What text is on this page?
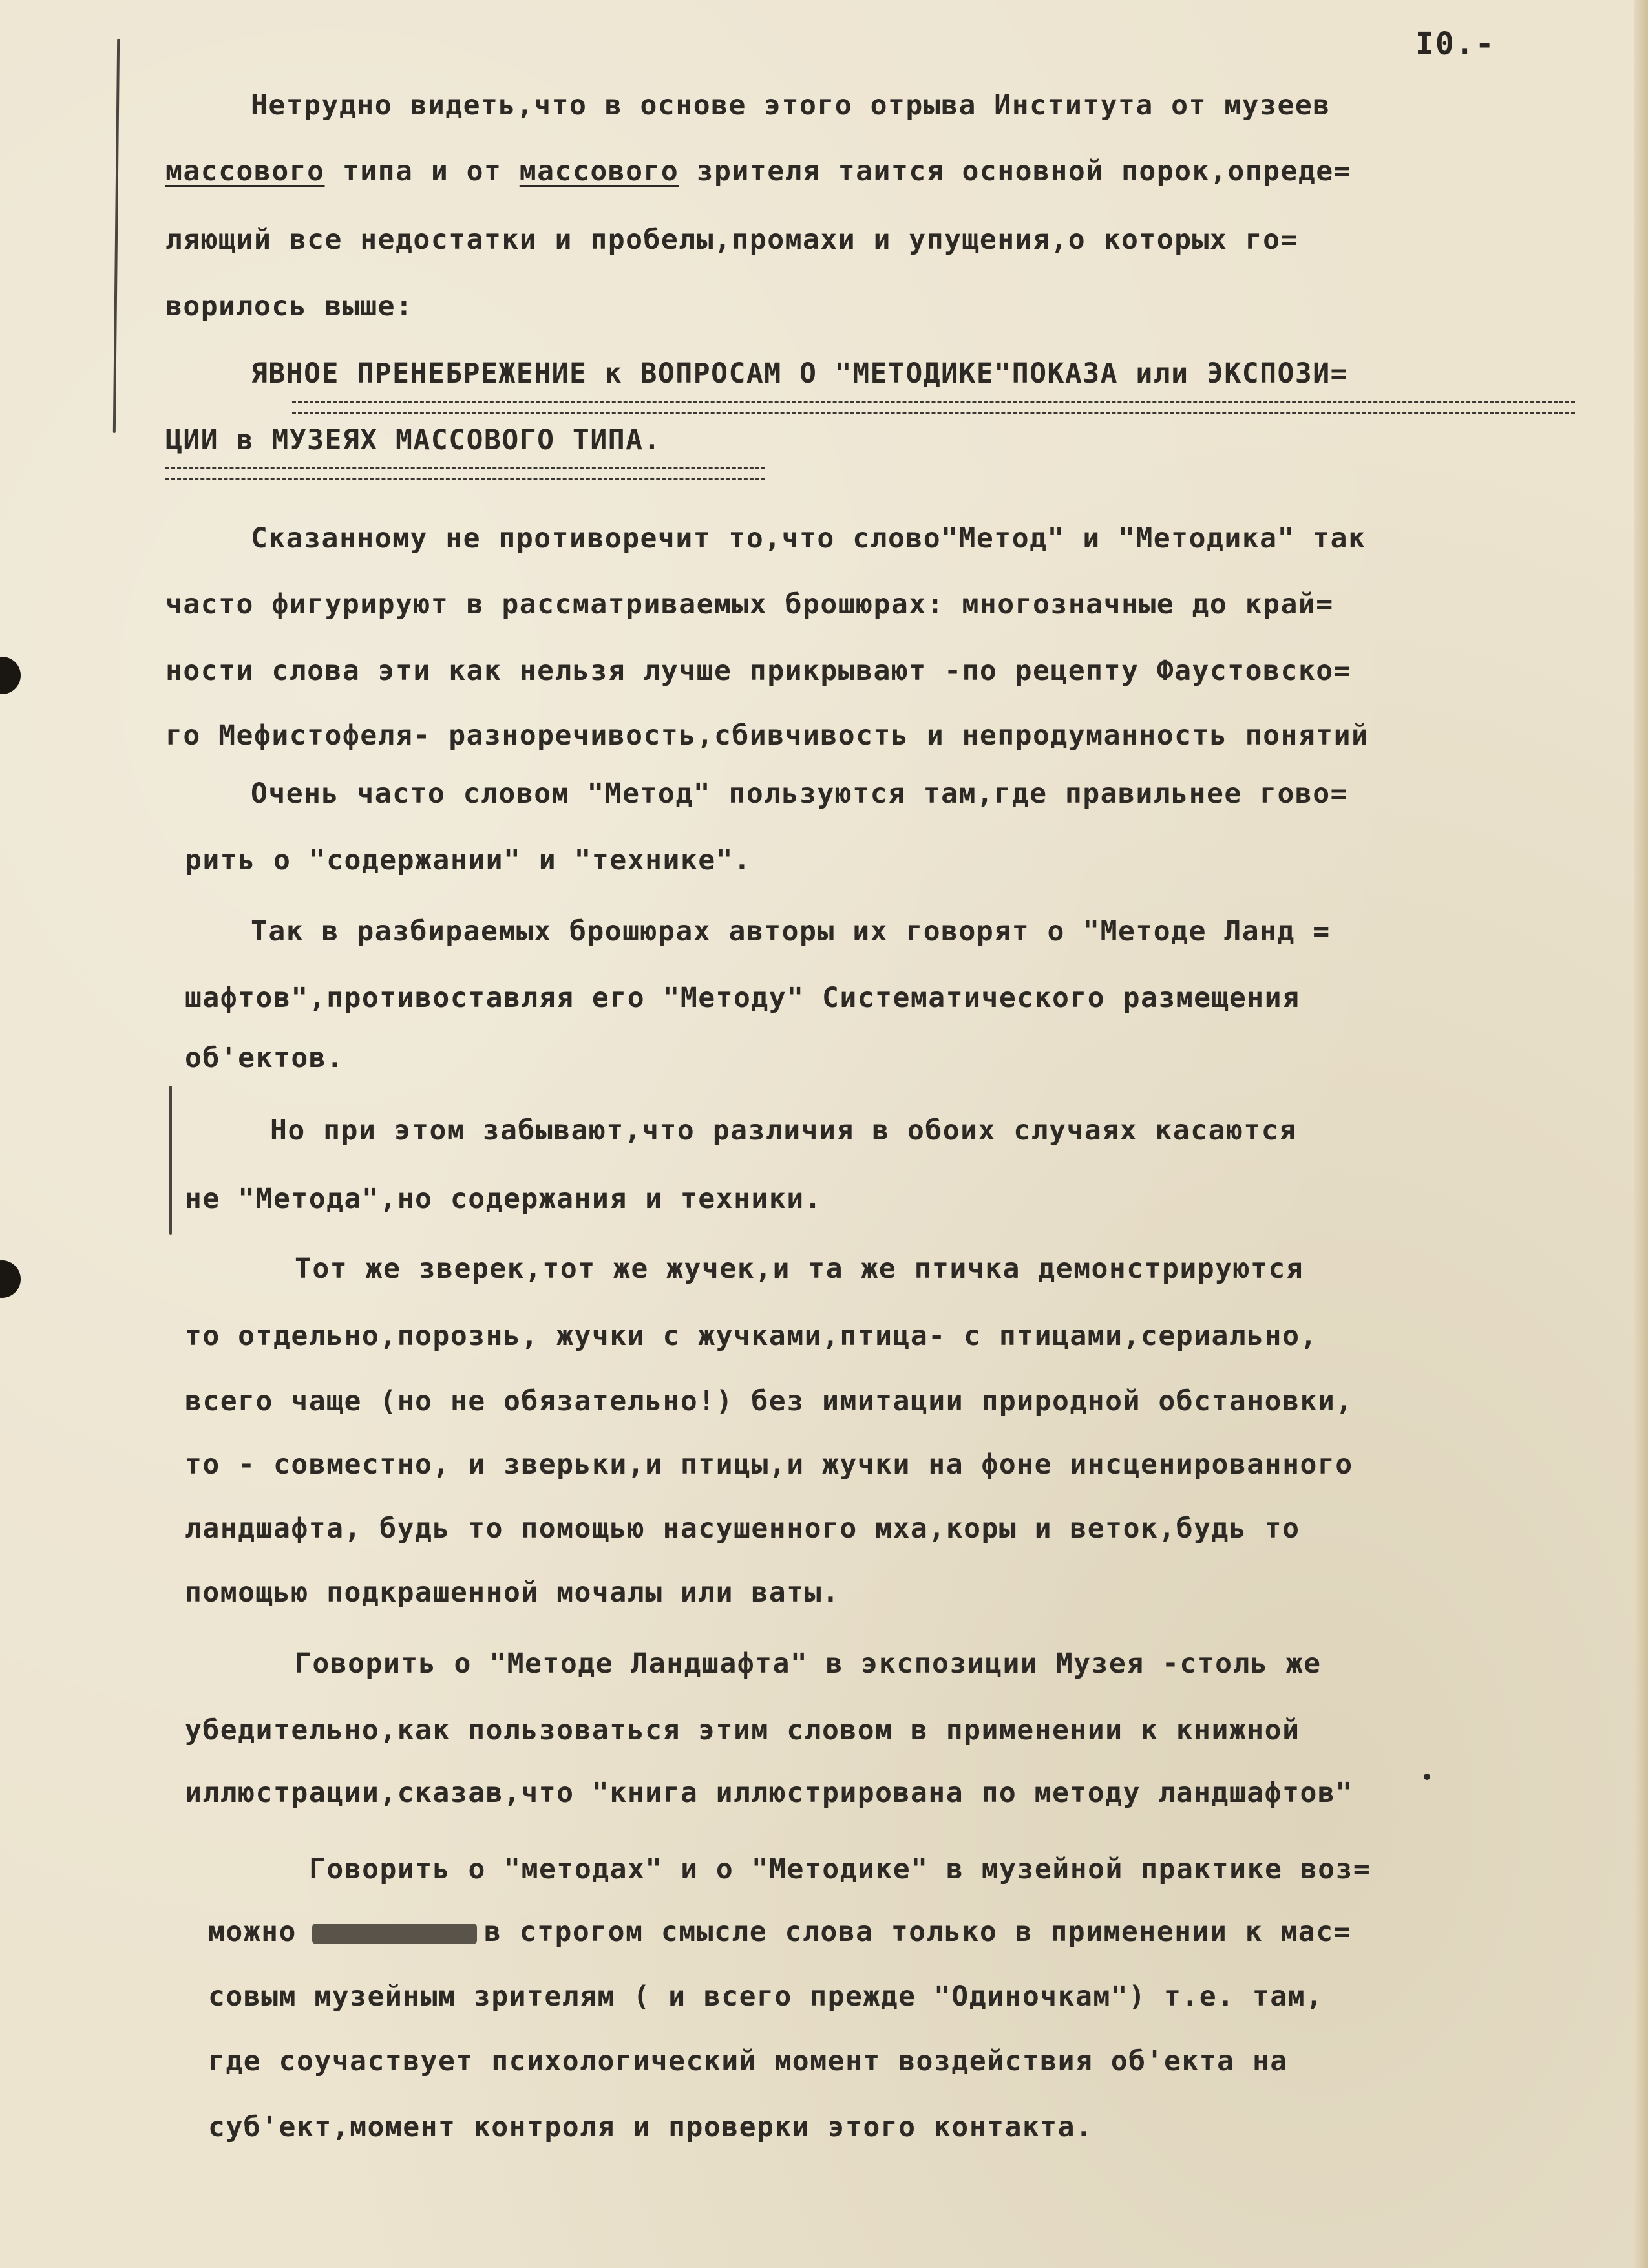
I0.-
Нетрудно видеть,что в основе этого отрыва Института от музеев
массового типа и от массового зрителя таится основной порок,опреде=
ляющий все недостатки и пробелы,промахи и упущения,о которых го=
ворилось выше:
ЯВНОЕ ПРЕНЕБРЕЖЕНИЕ к ВОПРОСАМ О "МЕТОДИКЕ"ПОКАЗА или ЭКСПОЗИ=
ЦИИ в МУЗЕЯХ МАССОВОГО ТИПА.
Сказанному не противоречит то,что слово"Метод" и "Методика" так
часто фигурируют в рассматриваемых брошюрах: многозначные до край=
ности слова эти как нельзя лучше прикрывают -по рецепту Фаустовско=
го Мефистофеля- разноречивость,сбивчивость и непродуманность понятий
Очень часто словом "Метод" пользуются там,где правильнее гово=
рить о "содержании" и "технике".
Так в разбираемых брошюрах авторы их говорят о "Методе Ланд =
шафтов",противоставляя его "Методу" Систематического размещения
об'ектов.
Но при этом забывают,что различия в обоих случаях касаются
не "Метода",но содержания и техники.
Тот же зверек,тот же жучек,и та же птичка демонстрируются
то отдельно,порознь, жучки с жучками,птица- с птицами,сериально,
всего чаще (но не обязательно!) без имитации природной обстановки,
то - совместно, и зверьки,и птицы,и жучки на фоне инсценированного
ландшафта, будь то помощью насушенного мха,коры и веток,будь то
помощью подкрашенной мочалы или ваты.
Говорить о "Методе Ландшафта" в экспозиции Музея -столь же
убедительно,как пользоваться этим словом в применении к книжной
иллюстрации,сказав,что "книга иллюстрирована по методу ландшафтов"
Говорить о "методах" и о "Методике" в музейной практике воз=
можно	в строгом смысле слова только в применении к мас=
совым музейным зрителям ( и всего прежде "Одиночкам") т.е. там,
где соучаствует психологический момент воздействия об'екта на
суб'ект,момент контроля и проверки этого контакта.
